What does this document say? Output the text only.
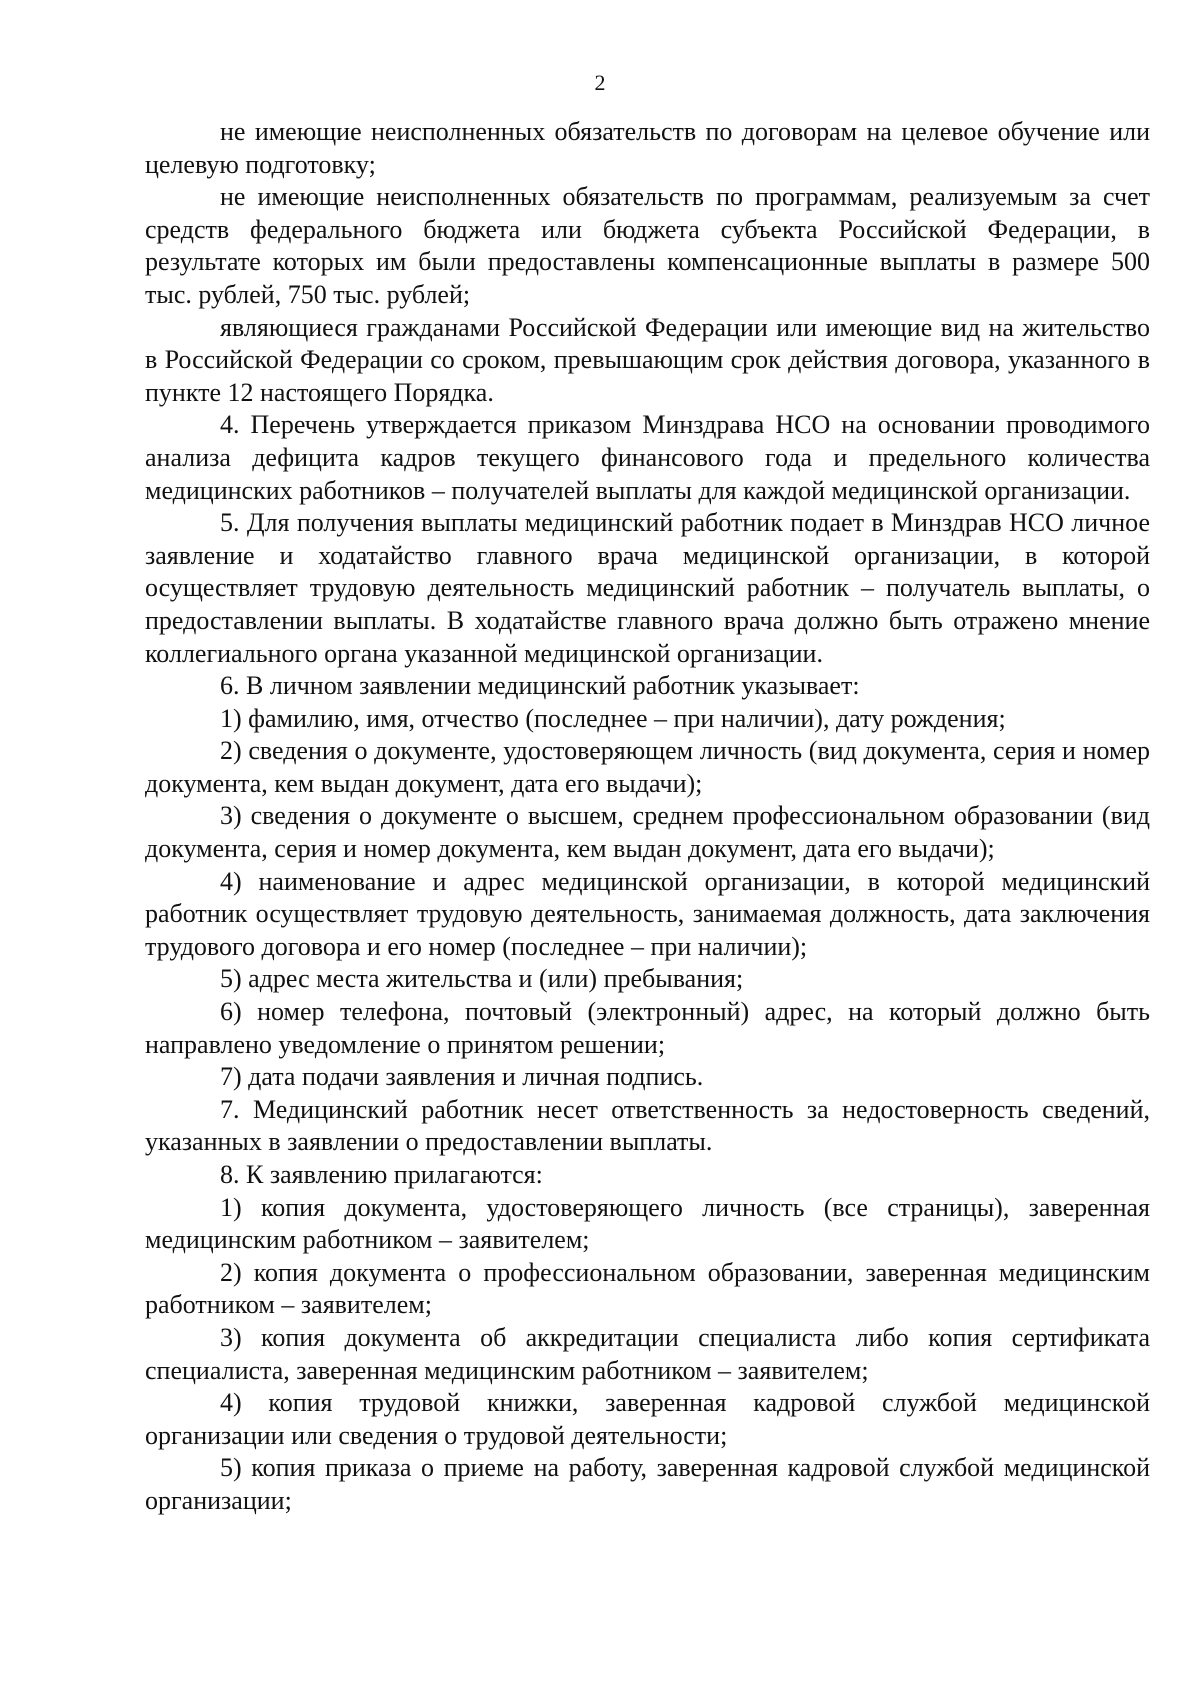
2

не имеющие неисполненных обязательств по договорам на целевое обучение или целевую подготовку;

не имеющие неисполненных обязательств по программам, реализуемым за счет средств федерального бюджета или бюджета субъекта Российской Федерации, в результате которых им были предоставлены компенсационные выплаты в размере 500 тыс. рублей, 750 тыс. рублей;

являющиеся гражданами Российской Федерации или имеющие вид на жительство в Российской Федерации со сроком, превышающим срок действия договора, указанного в пункте 12 настоящего Порядка.

4. Перечень утверждается приказом Минздрава НСО на основании проводимого анализа дефицита кадров текущего финансового года и предельного количества медицинских работников – получателей выплаты для каждой медицинской организации.

5. Для получения выплаты медицинский работник подает в Минздрав НСО личное заявление и ходатайство главного врача медицинской организации, в которой осуществляет трудовую деятельность медицинский работник – получатель выплаты, о предоставлении выплаты. В ходатайстве главного врача должно быть отражено мнение коллегиального органа указанной медицинской организации.

6. В личном заявлении медицинский работник указывает:

1) фамилию, имя, отчество (последнее – при наличии), дату рождения;

2) сведения о документе, удостоверяющем личность (вид документа, серия и номер документа, кем выдан документ, дата его выдачи);

3) сведения о документе о высшем, среднем профессиональном образовании (вид документа, серия и номер документа, кем выдан документ, дата его выдачи);

4) наименование и адрес медицинской организации, в которой медицинский работник осуществляет трудовую деятельность, занимаемая должность, дата заключения трудового договора и его номер (последнее – при наличии);

5) адрес места жительства и (или) пребывания;

6) номер телефона, почтовый (электронный) адрес, на который должно быть направлено уведомление о принятом решении;

7) дата подачи заявления и личная подпись.

7. Медицинский работник несет ответственность за недостоверность сведений, указанных в заявлении о предоставлении выплаты.

8. К заявлению прилагаются:

1) копия документа, удостоверяющего личность (все страницы), заверенная медицинским работником – заявителем;

2) копия документа о профессиональном образовании, заверенная медицинским работником – заявителем;

3) копия документа об аккредитации специалиста либо копия сертификата специалиста, заверенная медицинским работником – заявителем;

4) копия трудовой книжки, заверенная кадровой службой медицинской организации или сведения о трудовой деятельности;

5) копия приказа о приеме на работу, заверенная кадровой службой медицинской организации;
